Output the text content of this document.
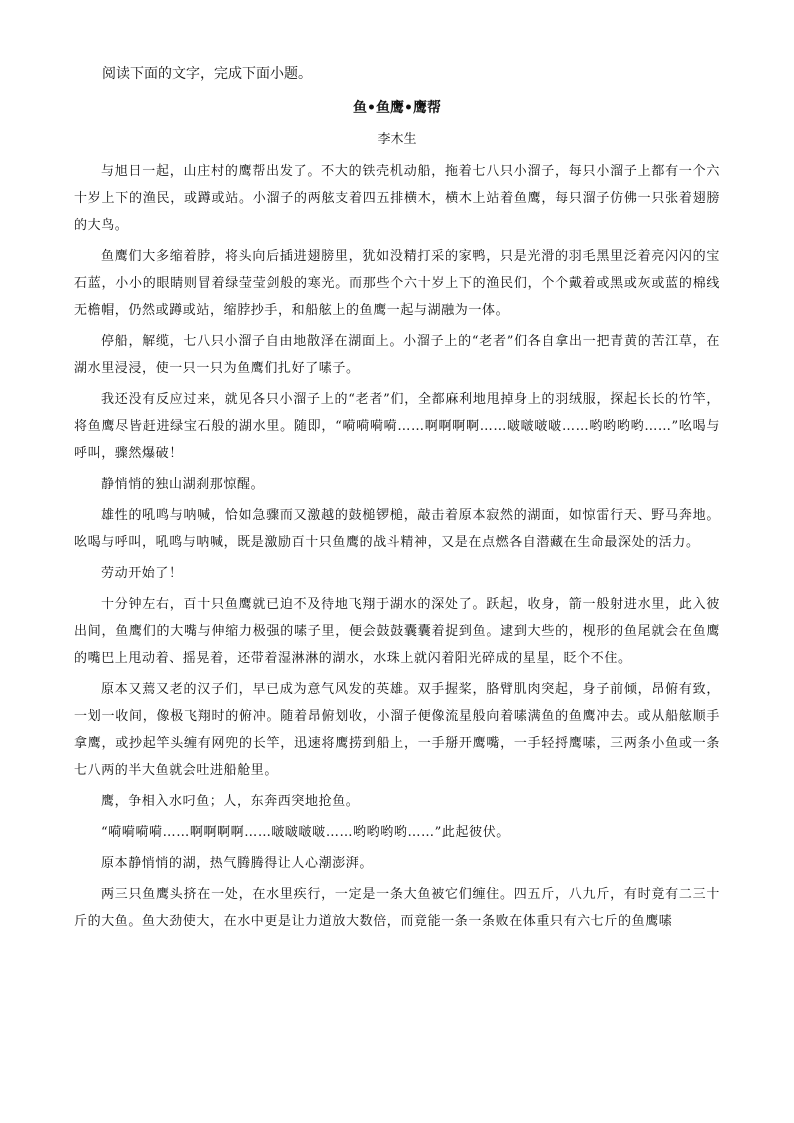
阅读下面的文字，完成下面小题。

鱼•鱼鹰•鹰帮

李木生

与旭日一起，山庄村的鹰帮出发了。不大的铁壳机动船，拖着七八只小溜子，每只小溜子上都有一个六十岁上下的渔民，或蹲或站。小溜子的两舷支着四五排横木，横木上站着鱼鹰，每只溜子仿佛一只张着翅膀的大鸟。

鱼鹰们大多缩着脖，将头向后插进翅膀里，犹如没精打采的家鸭，只是光滑的羽毛黑里泛着亮闪闪的宝石蓝，小小的眼睛则冒着绿莹莹剑般的寒光。而那些个六十岁上下的渔民们，个个戴着或黑或灰或蓝的棉线无檐帽，仍然或蹲或站，缩脖抄手，和船舷上的鱼鹰一起与湖融为一体。

停船，解缆，七八只小溜子自由地散泽在湖面上。小溜子上的“老者”们各自拿出一把青黄的苦江草，在湖水里浸浸，使一只一只为鱼鹰们扎好了嗉子。

我还没有反应过来，就见各只小溜子上的“老者”们，全都麻利地甩掉身上的羽绒服，探起长长的竹竿，将鱼鹰尽皆赶进绿宝石般的湖水里。随即，“嗬嗬嗬嗬……啊啊啊啊……啵啵啵啵……哟哟哟哟……”吆喝与呼叫，骤然爆破！

静悄悄的独山湖刹那惊醒。

雄性的吼鸣与呐喊，恰如急骤而又激越的鼓槌锣槌，敲击着原本寂然的湖面，如惊雷行天、野马奔地。吆喝与呼叫，吼鸣与呐喊，既是激励百十只鱼鹰的战斗精神，又是在点燃各自潜藏在生命最深处的活力。

劳动开始了！

十分钟左右，百十只鱼鹰就已迫不及待地飞翔于湖水的深处了。跃起，收身，箭一般射进水里，此入彼出间，鱼鹰们的大嘴与伸缩力极强的嗉子里，便会鼓鼓囊囊着捉到鱼。逮到大些的，枧形的鱼尾就会在鱼鹰的嘴巴上甩动着、摇晃着，还带着湿淋淋的湖水，水珠上就闪着阳光碎成的星星，眨个不住。

原本又蔫又老的汉子们，早已成为意气风发的英雄。双手握桨，胳臂肌肉突起，身子前倾，昂俯有致，一划一收间，像极飞翔时的俯冲。随着昂俯划收，小溜子便像流星般向着嗉满鱼的鱼鹰冲去。或从船舷顺手拿鹰，或抄起竿头缠有网兜的长竿，迅速将鹰捞到船上，一手掰开鹰嘴，一手轻捋鹰嗉，三两条小鱼或一条七八两的半大鱼就会吐进船舱里。

鹰，争相入水叼鱼；人，东奔西突地抢鱼。

“嗬嗬嗬嗬……啊啊啊啊……啵啵啵啵……哟哟哟哟……”此起彼伏。

原本静悄悄的湖，热气腾腾得让人心潮澎湃。

两三只鱼鹰头挤在一处，在水里疾行，一定是一条大鱼被它们缠住。四五斤，八九斤，有时竟有二三十斤的大鱼。鱼大劲使大，在水中更是让力道放大数倍，而竟能一条一条败在体重只有六七斤的鱼鹰嗉
